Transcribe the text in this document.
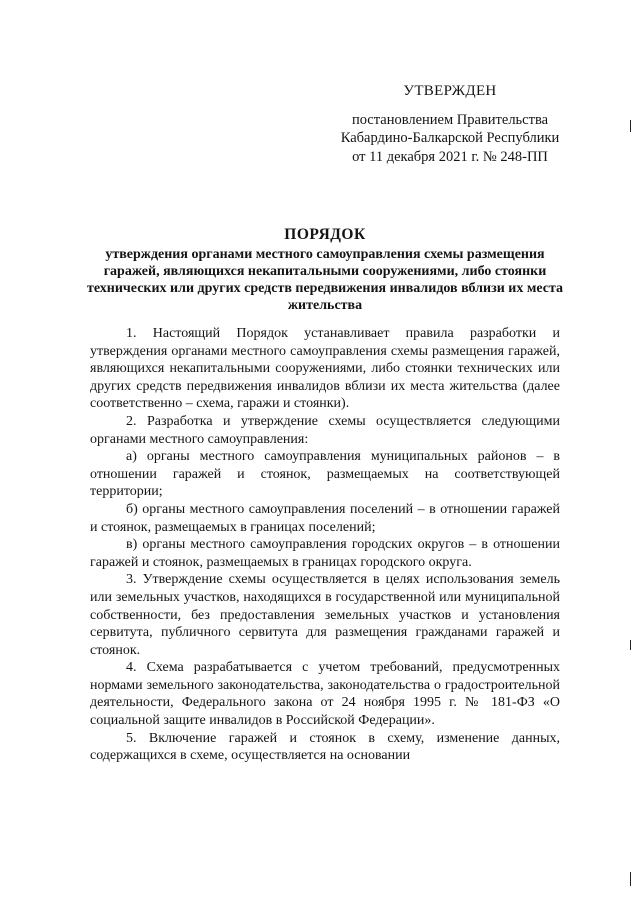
УТВЕРЖДЕН
постановлением Правительства
Кабардино-Балкарской Республики
от 11 декабря 2021 г. № 248-ПП
ПОРЯДОК
утверждения органами местного самоуправления схемы размещения гаражей, являющихся некапитальными сооружениями, либо стоянки технических или других средств передвижения инвалидов вблизи их места жительства

1. Настоящий Порядок устанавливает правила разработки и утверждения органами местного самоуправления схемы размещения гаражей, являющихся некапитальными сооружениями, либо стоянки технических или других средств передвижения инвалидов вблизи их места жительства (далее соответственно – схема, гаражи и стоянки).

2. Разработка и утверждение схемы осуществляется следующими органами местного самоуправления:

а) органы местного самоуправления муниципальных районов – в отношении гаражей и стоянок, размещаемых на соответствующей территории;

б) органы местного самоуправления поселений – в отношении гаражей и стоянок, размещаемых в границах поселений;

в) органы местного самоуправления городских округов – в отношении гаражей и стоянок, размещаемых в границах городского округа.

3. Утверждение схемы осуществляется в целях использования земель или земельных участков, находящихся в государственной или муниципальной собственности, без предоставления земельных участков и установления сервитута, публичного сервитута для размещения гражданами гаражей и стоянок.

4. Схема разрабатывается с учетом требований, предусмотренных нормами земельного законодательства, законодательства о градостроительной деятельности, Федерального закона от 24 ноября 1995 г. № 181-ФЗ «О социальной защите инвалидов в Российской Федерации».

5. Включение гаражей и стоянок в схему, изменение данных, содержащихся в схеме, осуществляется на основании
